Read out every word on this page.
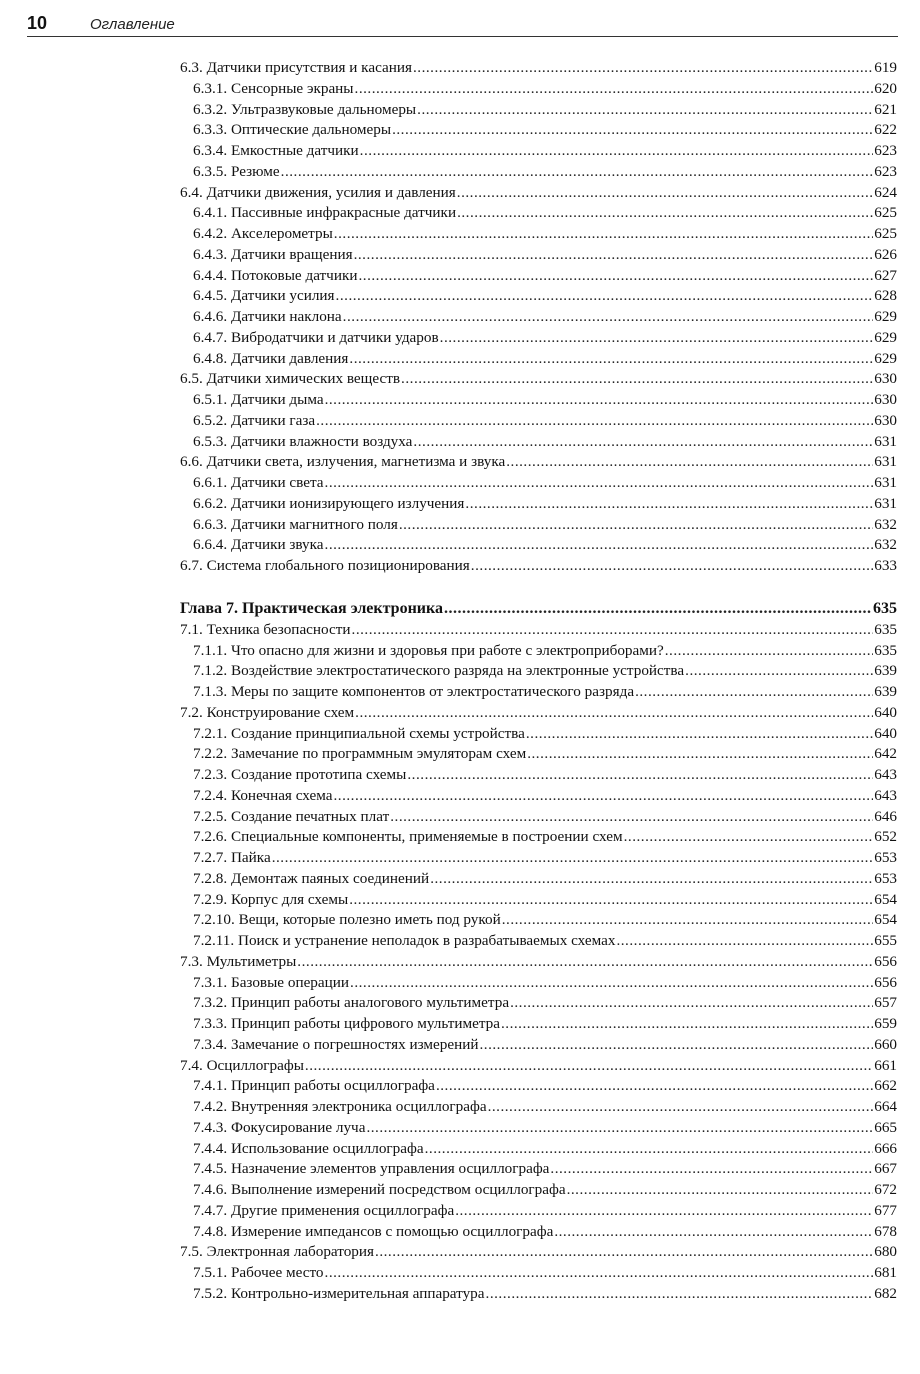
10	Оглавление
6.3. Датчики присутствия и касания .....	619
6.3.1. Сенсорные экраны .....	620
6.3.2. Ультразвуковые дальномеры .....	621
6.3.3. Оптические дальномеры .....	622
6.3.4. Емкостные датчики .....	623
6.3.5. Резюме .....	623
6.4. Датчики движения, усилия и давления .....	624
6.4.1. Пассивные инфракрасные датчики .....	625
6.4.2. Акселерометры .....	625
6.4.3. Датчики вращения .....	626
6.4.4. Потоковые датчики .....	627
6.4.5. Датчики усилия .....	628
6.4.6. Датчики наклона .....	629
6.4.7. Вибродатчики и датчики ударов .....	629
6.4.8. Датчики давления .....	629
6.5. Датчики химических веществ .....	630
6.5.1. Датчики дыма .....	630
6.5.2. Датчики газа .....	630
6.5.3. Датчики влажности воздуха .....	631
6.6. Датчики света, излучения, магнетизма и звука .....	631
6.6.1. Датчики света .....	631
6.6.2. Датчики ионизирующего излучения .....	631
6.6.3. Датчики магнитного поля .....	632
6.6.4. Датчики звука .....	632
6.7. Система глобального позиционирования .....	633
Глава 7. Практическая электроника .....	635
7.1. Техника безопасности .....	635
7.1.1. Что опасно для жизни и здоровья при работе с электроприборами? .....	635
7.1.2. Воздействие электростатического разряда на электронные устройства .....	639
7.1.3. Меры по защите компонентов от электростатического разряда .....	639
7.2. Конструирование схем .....	640
7.2.1. Создание принципиальной схемы устройства .....	640
7.2.2. Замечание по программным эмуляторам схем .....	642
7.2.3. Создание прототипа схемы .....	643
7.2.4. Конечная схема .....	643
7.2.5. Создание печатных плат .....	646
7.2.6. Специальные компоненты, применяемые в построении схем .....	652
7.2.7. Пайка .....	653
7.2.8. Демонтаж паяных соединений .....	653
7.2.9. Корпус для схемы .....	654
7.2.10. Вещи, которые полезно иметь под рукой .....	654
7.2.11. Поиск и устранение неполадок в разрабатываемых схемах .....	655
7.3. Мультиметры .....	656
7.3.1. Базовые операции .....	656
7.3.2. Принцип работы аналогового мультиметра .....	657
7.3.3. Принцип работы цифрового мультиметра .....	659
7.3.4. Замечание о погрешностях измерений .....	660
7.4. Осциллографы .....	661
7.4.1. Принцип работы осциллографа .....	662
7.4.2. Внутренняя электроника осциллографа .....	664
7.4.3. Фокусирование луча .....	665
7.4.4. Использование осциллографа .....	666
7.4.5. Назначение элементов управления осциллографа .....	667
7.4.6. Выполнение измерений посредством осциллографа .....	672
7.4.7. Другие применения осциллографа .....	677
7.4.8. Измерение импедансов с помощью осциллографа .....	678
7.5. Электронная лаборатория .....	680
7.5.1. Рабочее место .....	681
7.5.2. Контрольно-измерительная аппаратура .....	682
